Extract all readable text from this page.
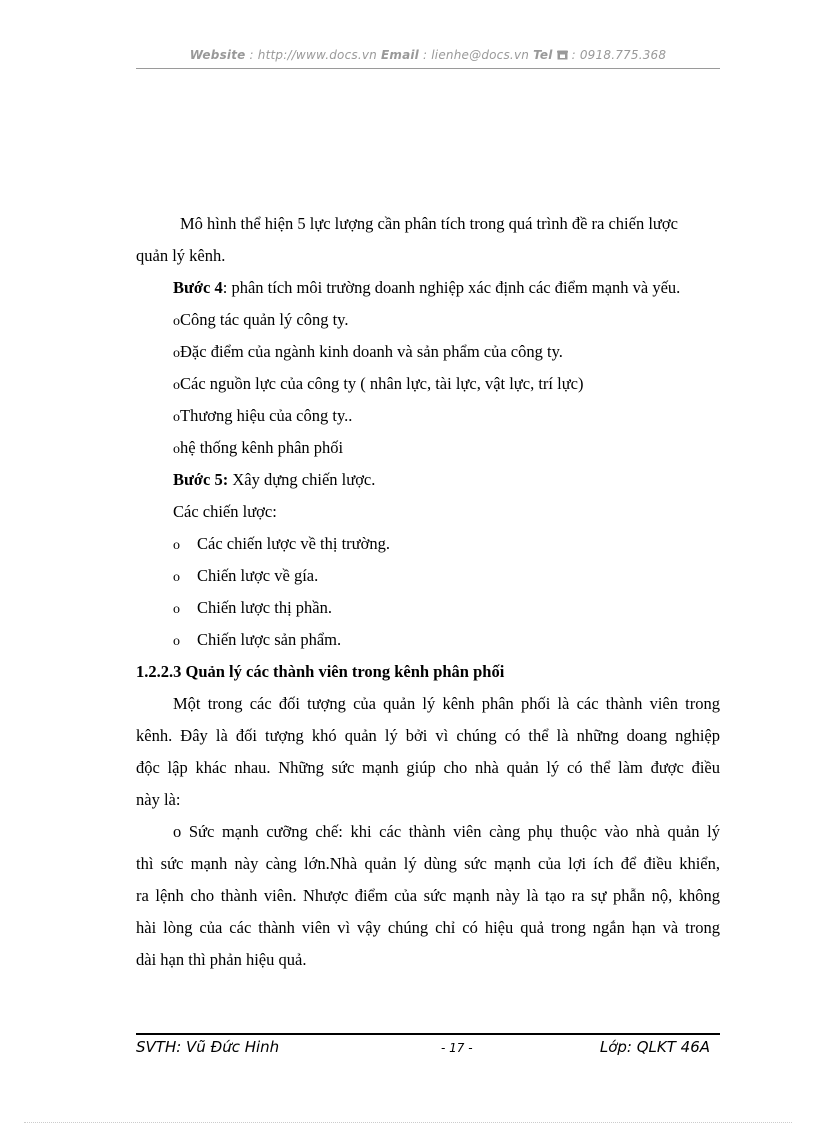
Website : http://www.docs.vn Email : lienhe@docs.vn Tel  : 0918.775.368
Mô hình thể hiện 5 lực lượng cần phân tích trong quá trình đề ra chiến lược
quản lý kênh.
Bước 4: phân tích môi trường doanh nghiệp xác định các điểm mạnh và yếu.
oCông tác quản lý công ty.
oĐặc điểm của ngành kinh doanh và sản phẩm của công ty.
oCác nguồn lực của công ty ( nhân lực, tài lực, vật lực, trí lực)
oThương hiệu của công ty..
ohệ thống kênh phân phối
Bước 5: Xây dựng chiến lược.
Các chiến lược:
o Các chiến lược về thị trường.
o Chiến lược về gía.
o Chiến lược thị phần.
o Chiến lược sản phẩm.
1.2.2.3 Quản lý các thành viên trong kênh phân phối
Một trong các đối tượng của quản lý kênh phân phối là các thành viên trong
kênh. Đây là đối tượng khó quản lý bởi vì chúng có thể là những doang nghiệp
độc lập khác nhau. Những sức mạnh giúp cho nhà quản lý có thể làm được điều
này là:
o Sức mạnh cưỡng chế: khi các thành viên càng phụ thuộc vào nhà quản lý
thì sức mạnh này càng lớn.Nhà quản lý dùng sức mạnh của lợi ích để điều khiển,
ra lệnh cho thành viên. Nhược điểm của sức mạnh này là tạo ra sự phẫn nộ, không
hài lòng của các thành viên vì vậy chúng chỉ có hiệu quả trong ngắn hạn và trong
dài hạn thì phản hiệu quả.
SVTH: Vũ Đức Hinh	- 17 -	Lớp: QLKT 46A
